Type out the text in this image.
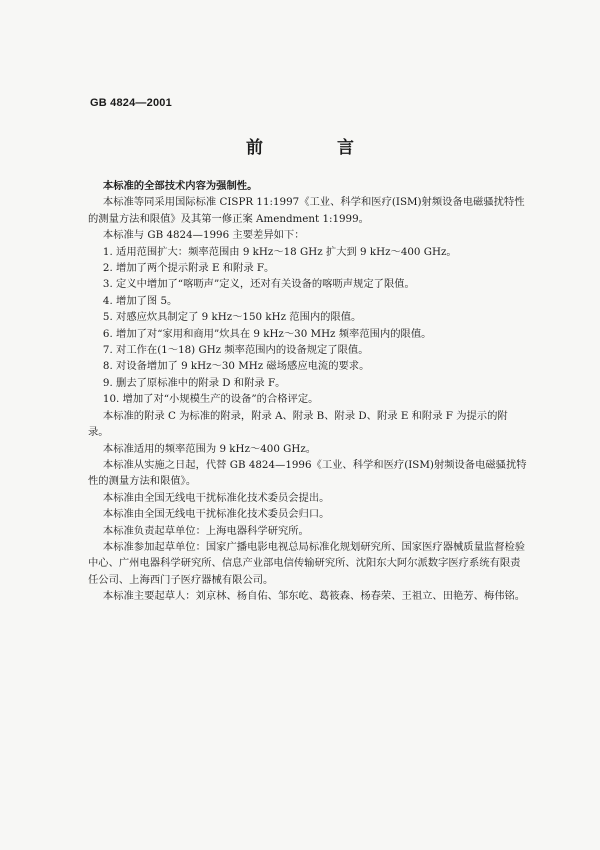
GB 4824—2001
前 言

本标准的全部技术内容为强制性。

本标准等同采用国际标准 CISPR 11:1997《工业、科学和医疗(ISM)射频设备电磁骚扰特性的测量方法和限值》及其第一修正案 Amendment 1:1999。

本标准与 GB 4824—1996 主要差异如下：

1. 适用范围扩大：频率范围由 9 kHz～18 GHz 扩大到 9 kHz～400 GHz。

2. 增加了两个提示附录 E 和附录 F。

3. 定义中增加了“喀呖声”定义，还对有关设备的喀呖声规定了限值。

4. 增加了图 5。

5. 对感应炊具制定了 9 kHz～150 kHz 范围内的限值。

6. 增加了对“家用和商用”炊具在 9 kHz～30 MHz 频率范围内的限值。

7. 对工作在(1～18) GHz 频率范围内的设备规定了限值。

8. 对设备增加了 9 kHz～30 MHz 磁场感应电流的要求。

9. 删去了原标准中的附录 D 和附录 F。

10. 增加了对“小规模生产的设备”的合格评定。

本标准的附录 C 为标准的附录，附录 A、附录 B、附录 D、附录 E 和附录 F 为提示的附录。

本标准适用的频率范围为 9 kHz～400 GHz。

本标准从实施之日起，代替 GB 4824—1996《工业、科学和医疗(ISM)射频设备电磁骚扰特性的测量方法和限值》。

本标准由全国无线电干扰标准化技术委员会提出。

本标准由全国无线电干扰标准化技术委员会归口。

本标准负责起草单位：上海电器科学研究所。

本标准参加起草单位：国家广播电影电视总局标准化规划研究所、国家医疗器械质量监督检验中心、广州电器科学研究所、信息产业部电信传输研究所、沈阳东大阿尔派数字医疗系统有限责任公司、上海西门子医疗器械有限公司。

本标准主要起草人：刘京林、杨自佑、邹东屹、葛筱森、杨春荣、王祖立、田艳芳、梅伟铭。
